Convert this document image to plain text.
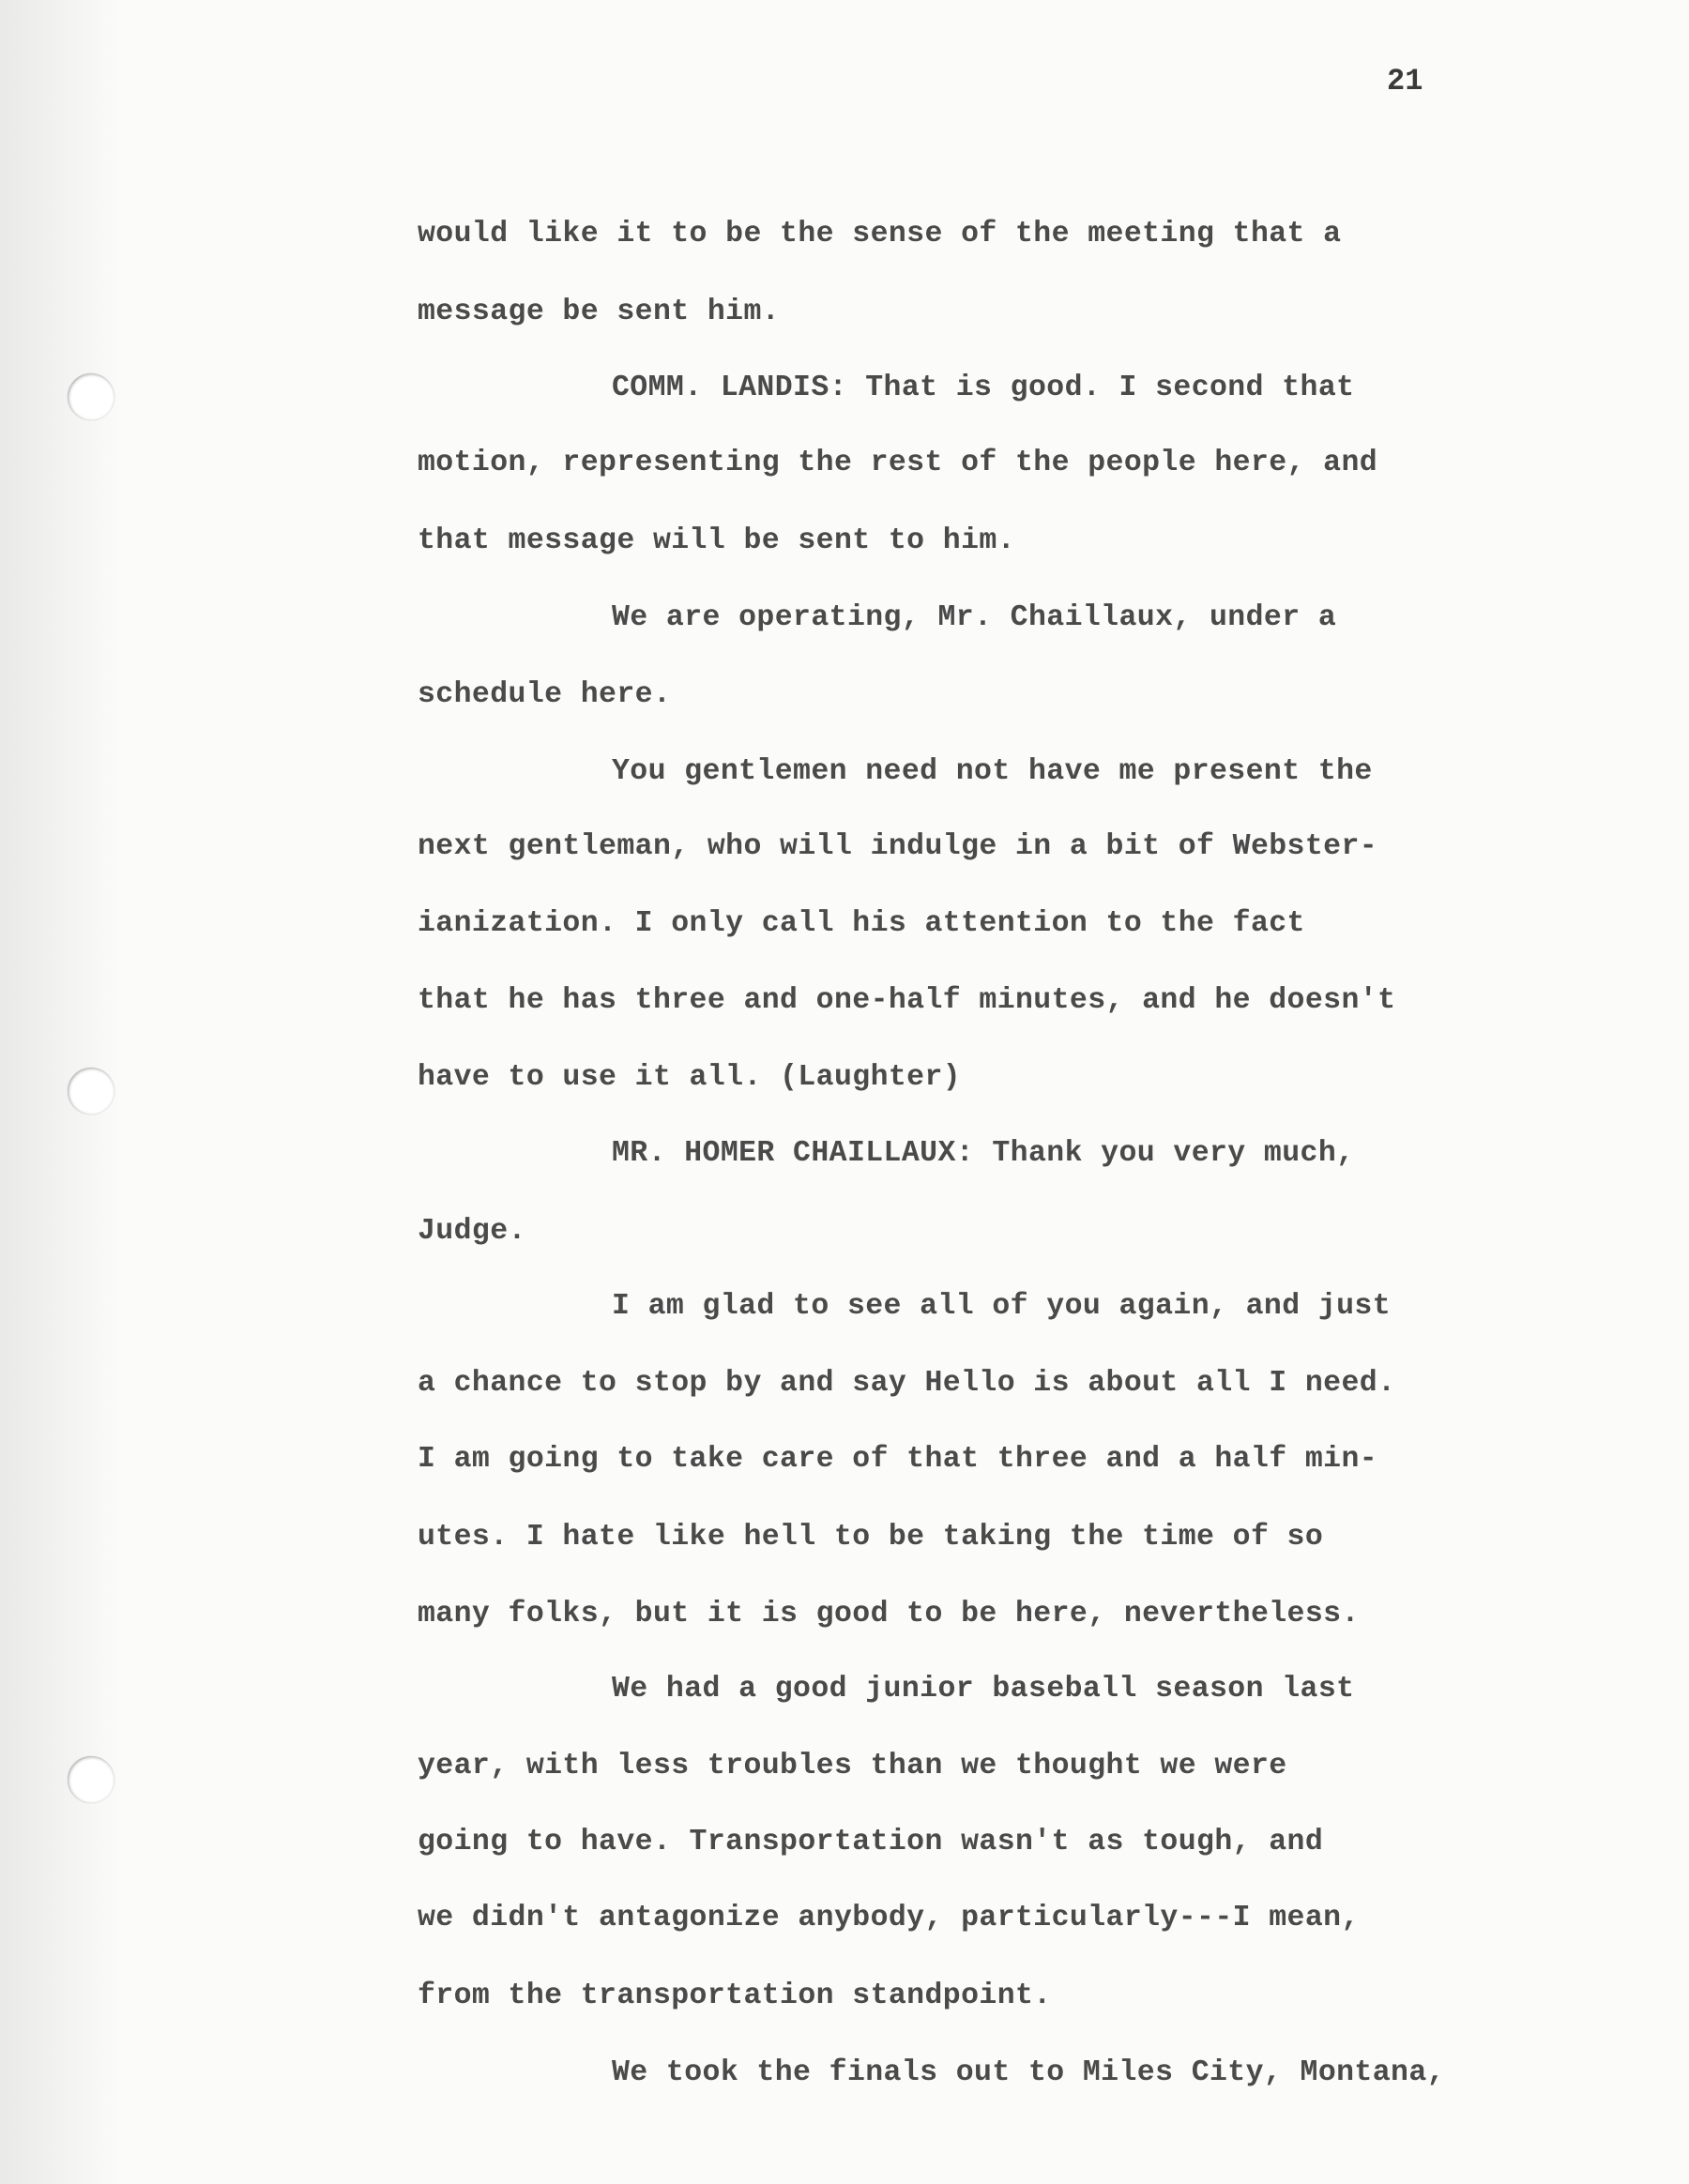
21
would like it to be the sense of the meeting that a
message be sent him.
COMM. LANDIS: That is good. I second that
motion, representing the rest of the people here, and
that message will be sent to him.
We are operating, Mr. Chaillaux, under a
schedule here.
You gentlemen need not have me present the
next gentleman, who will indulge in a bit of Webster-
ianization. I only call his attention to the fact
that he has three and one-half minutes, and he doesn't
have to use it all. (Laughter)
MR. HOMER CHAILLAUX: Thank you very much,
Judge.
I am glad to see all of you again, and just
a chance to stop by and say Hello is about all I need.
I am going to take care of that three and a half min-
utes. I hate like hell to be taking the time of so
many folks, but it is good to be here, nevertheless.
We had a good junior baseball season last
year, with less troubles than we thought we were
going to have. Transportation wasn't as tough, and
we didn't antagonize anybody, particularly---I mean,
from the transportation standpoint.
We took the finals out to Miles City, Montana,
